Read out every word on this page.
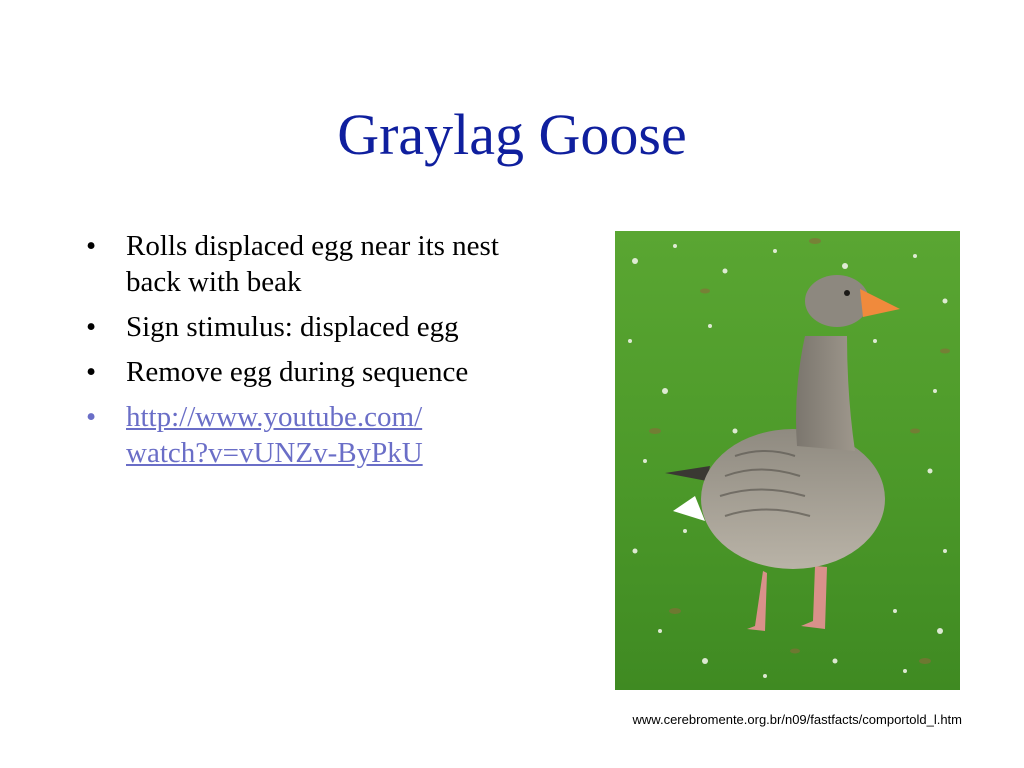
Graylag Goose
• Rolls displaced egg near its nest back with beak
• Sign stimulus: displaced egg
• Remove egg during sequence
• http://www.youtube.com/
watch?v=vUNZv-ByPkU
www.cerebromente.org.br/n09/fastfacts/comportold_l.htm
